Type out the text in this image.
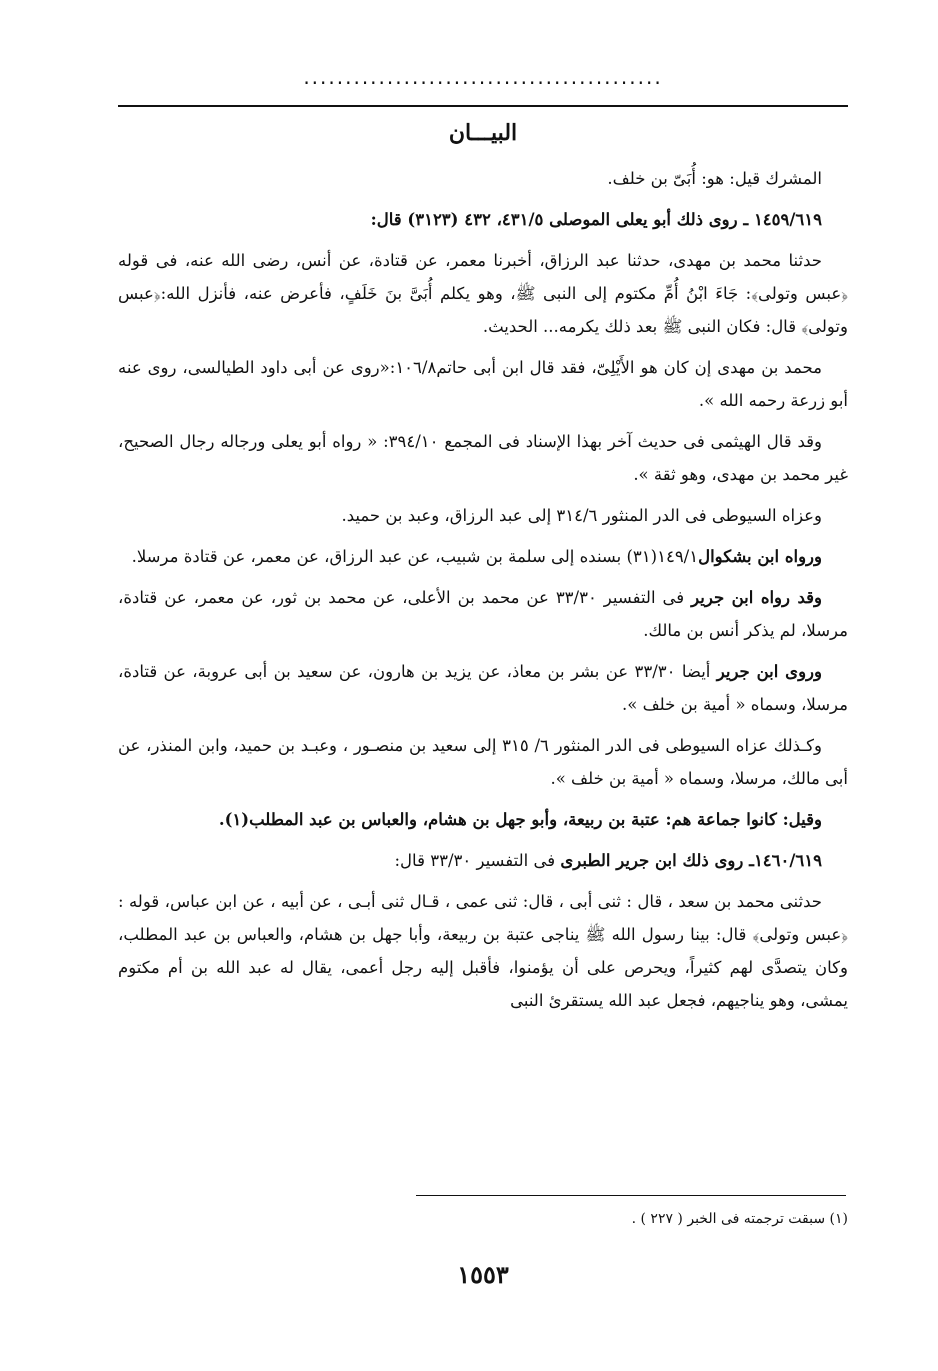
...........................................
البيـــان

المشرك قيل: هو: أُبَىّ بن خلف.

١٤٥٩/٦١٩ ـ روى ذلك أبو يعلى الموصلى ٤٣١/٥، ٤٣٢ (٣١٢٣) قال:

حدثنا محمد بن مهدى، حدثنا عبد الرزاق، أخبرنا معمر، عن قتادة، عن أنس، رضى الله عنه، فى قوله ﴿عبس وتولى﴾: جَاءَ ابْنُ أُمِّ مكتوم إلى النبى ﷺ، وهو يكلم أُبَىَّ بنَ خَلَفٍ، فأعرض عنه، فأنزل الله:﴿عبس وتولى﴾ قال: فكان النبى ﷺ بعد ذلك يكرمه... الحديث.

محمد بن مهدى إن كان هو الأَيْلِىّ، فقد قال ابن أبى حاتم١٠٦/٨:«روى عن أبى داود الطيالسى، روى عنه أبو زرعة رحمه الله ».

وقد قال الهيثمى فى حديث آخر بهذا الإسناد فى المجمع ٣٩٤/١٠: « رواه أبو يعلى ورجاله رجال الصحيح، غير محمد بن مهدى، وهو ثقة ».

وعزاه السيوطى فى الدر المنثور ٣١٤/٦ إلى عبد الرزاق، وعبد بن حميد.

ورواه ابن بشكوال١٤٩/١(٣١) بسنده إلى سلمة بن شبيب، عن عبد الرزاق، عن معمر، عن قتادة مرسلا.

وقد رواه ابن جرير فى التفسير ٣٣/٣٠ عن محمد بن الأعلى، عن محمد بن ثور، عن معمر، عن قتادة، مرسلا، لم يذكر أنس بن مالك.

وروى ابن جرير أيضا ٣٣/٣٠ عن بشر بن معاذ، عن يزيد بن هارون، عن سعيد بن أبى عروبة، عن قتادة، مرسلا، وسماه « أمية بن خلف ».

وكـذلك عزاه السيوطى فى الدر المنثور ٦/ ٣١٥ إلى سعيد بن منصـور ، وعبـد بن حميد، وابن المنذر، عن أبى مالك، مرسلا، وسماه « أمية بن خلف ».

وقيل: كانوا جماعة هم: عتبة بن ربيعة، وأبو جهل بن هشام، والعباس بن عبد المطلب(١).

١٤٦٠/٦١٩ـ روى ذلك ابن جرير الطبرى فى التفسير ٣٣/٣٠ قال:

حدثنى محمد بن سعد ، قال : ثنى أبى ، قال: ثنى عمى ، قـال ثنى أبـى ، عن أبيه ، عن ابن عباس، قوله :﴿عبس وتولى﴾ قال: بينا رسول الله ﷺ يناجى عتبة بن ربيعة، وأبا جهل بن هشام، والعباس بن عبد المطلب، وكان يتصدَّى لهم كثيراً، ويحرص على أن يؤمنوا، فأقبل إليه رجل أعمى، يقال له عبد الله بن أم مكتوم يمشى، وهو يناجيهم، فجعل عبد الله يستقرئ النبى

(١) سبقت ترجمته فى الخبر ( ٢٢٧ ) .
١٥٥٣
